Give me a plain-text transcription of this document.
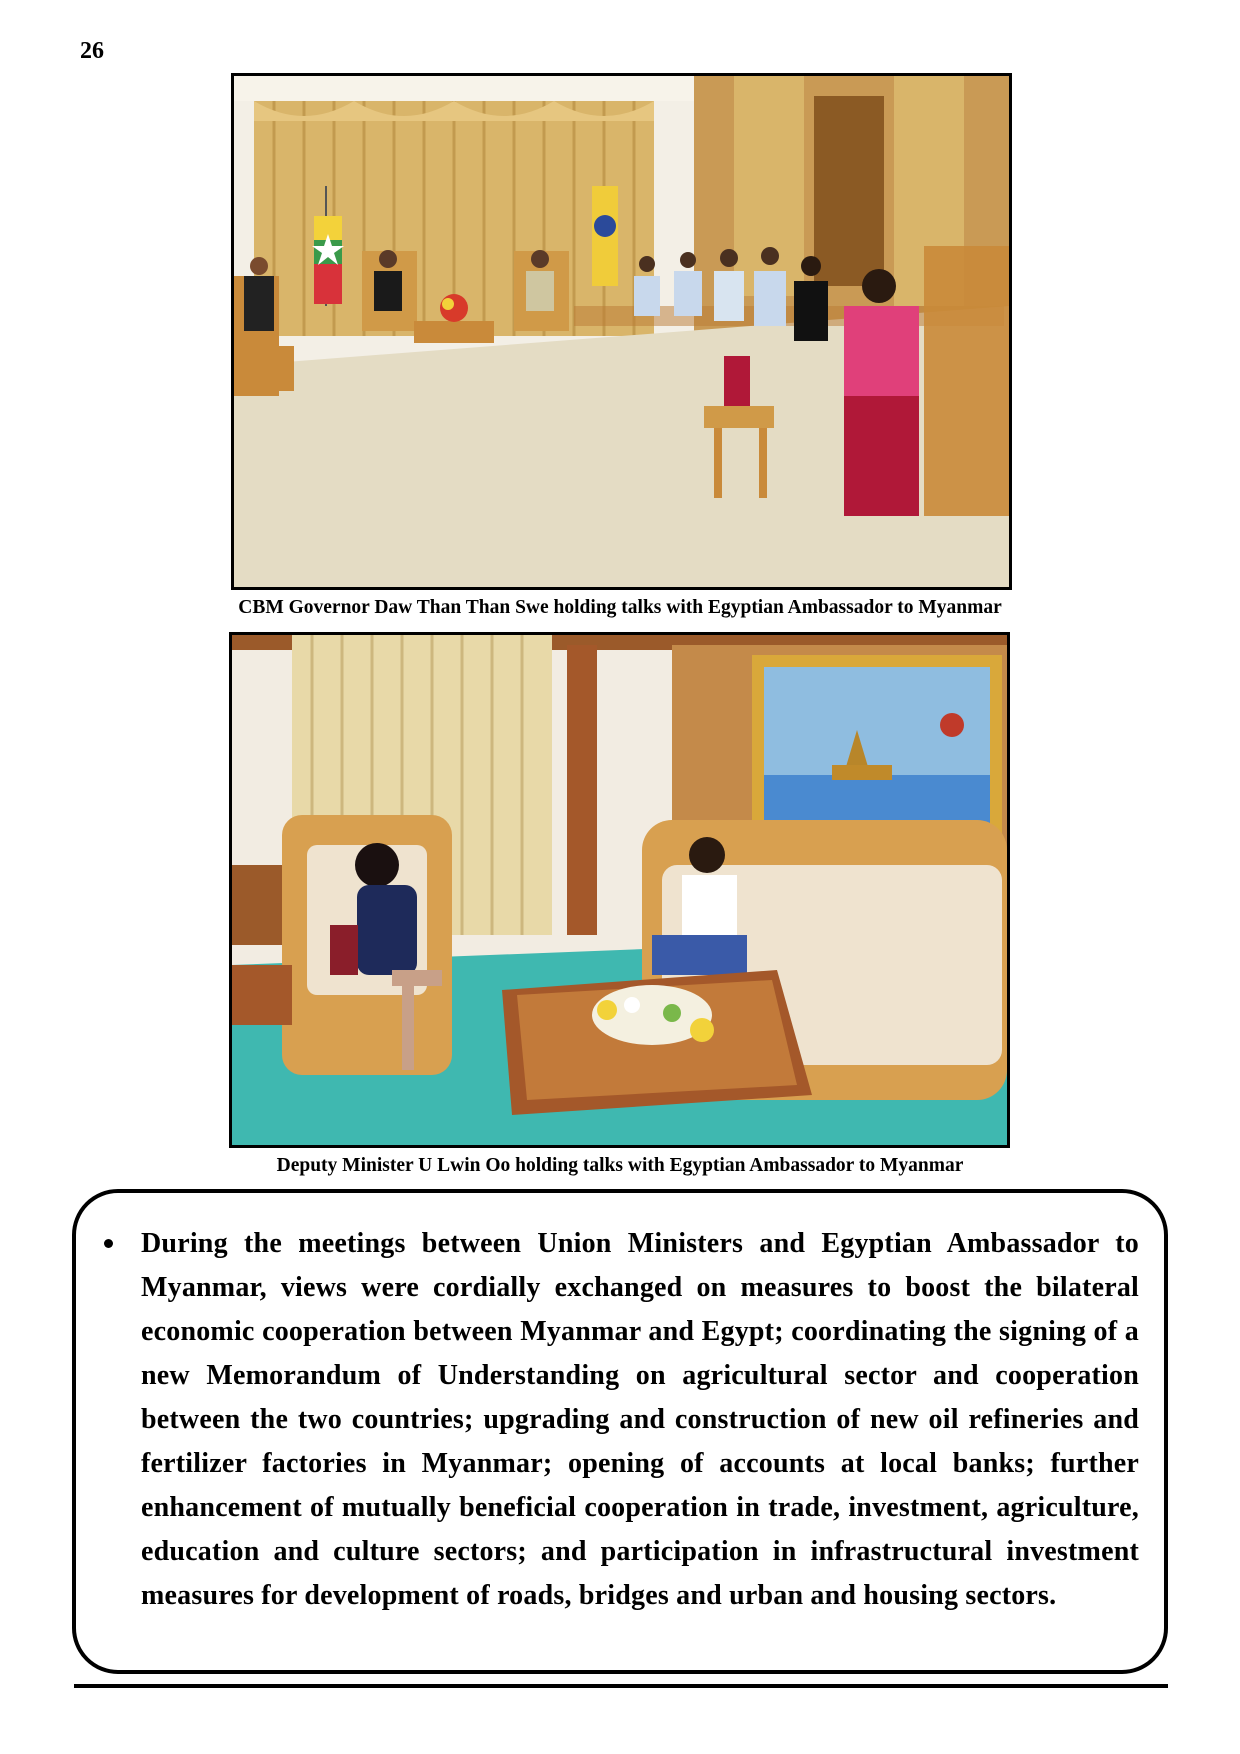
26
CBM Governor Daw Than Than Swe holding talks with Egyptian Ambassador to Myanmar
Deputy Minister U Lwin Oo holding talks with Egyptian Ambassador to Myanmar
During the meetings between Union Ministers and Egyptian Ambassador to Myanmar, views were cordially exchanged on measures to boost the bilateral economic cooperation between Myanmar and Egypt; coordinating the signing of a new Memorandum of Understanding on agricultural sector and cooperation between the two countries; upgrading and construction of new oil refineries and fertilizer factories in Myanmar; opening of accounts at local banks; further enhancement of mutually beneficial cooperation in trade, investment, agriculture, education and culture sectors; and participation in infrastructural investment measures for development of roads, bridges and urban and housing sectors.
